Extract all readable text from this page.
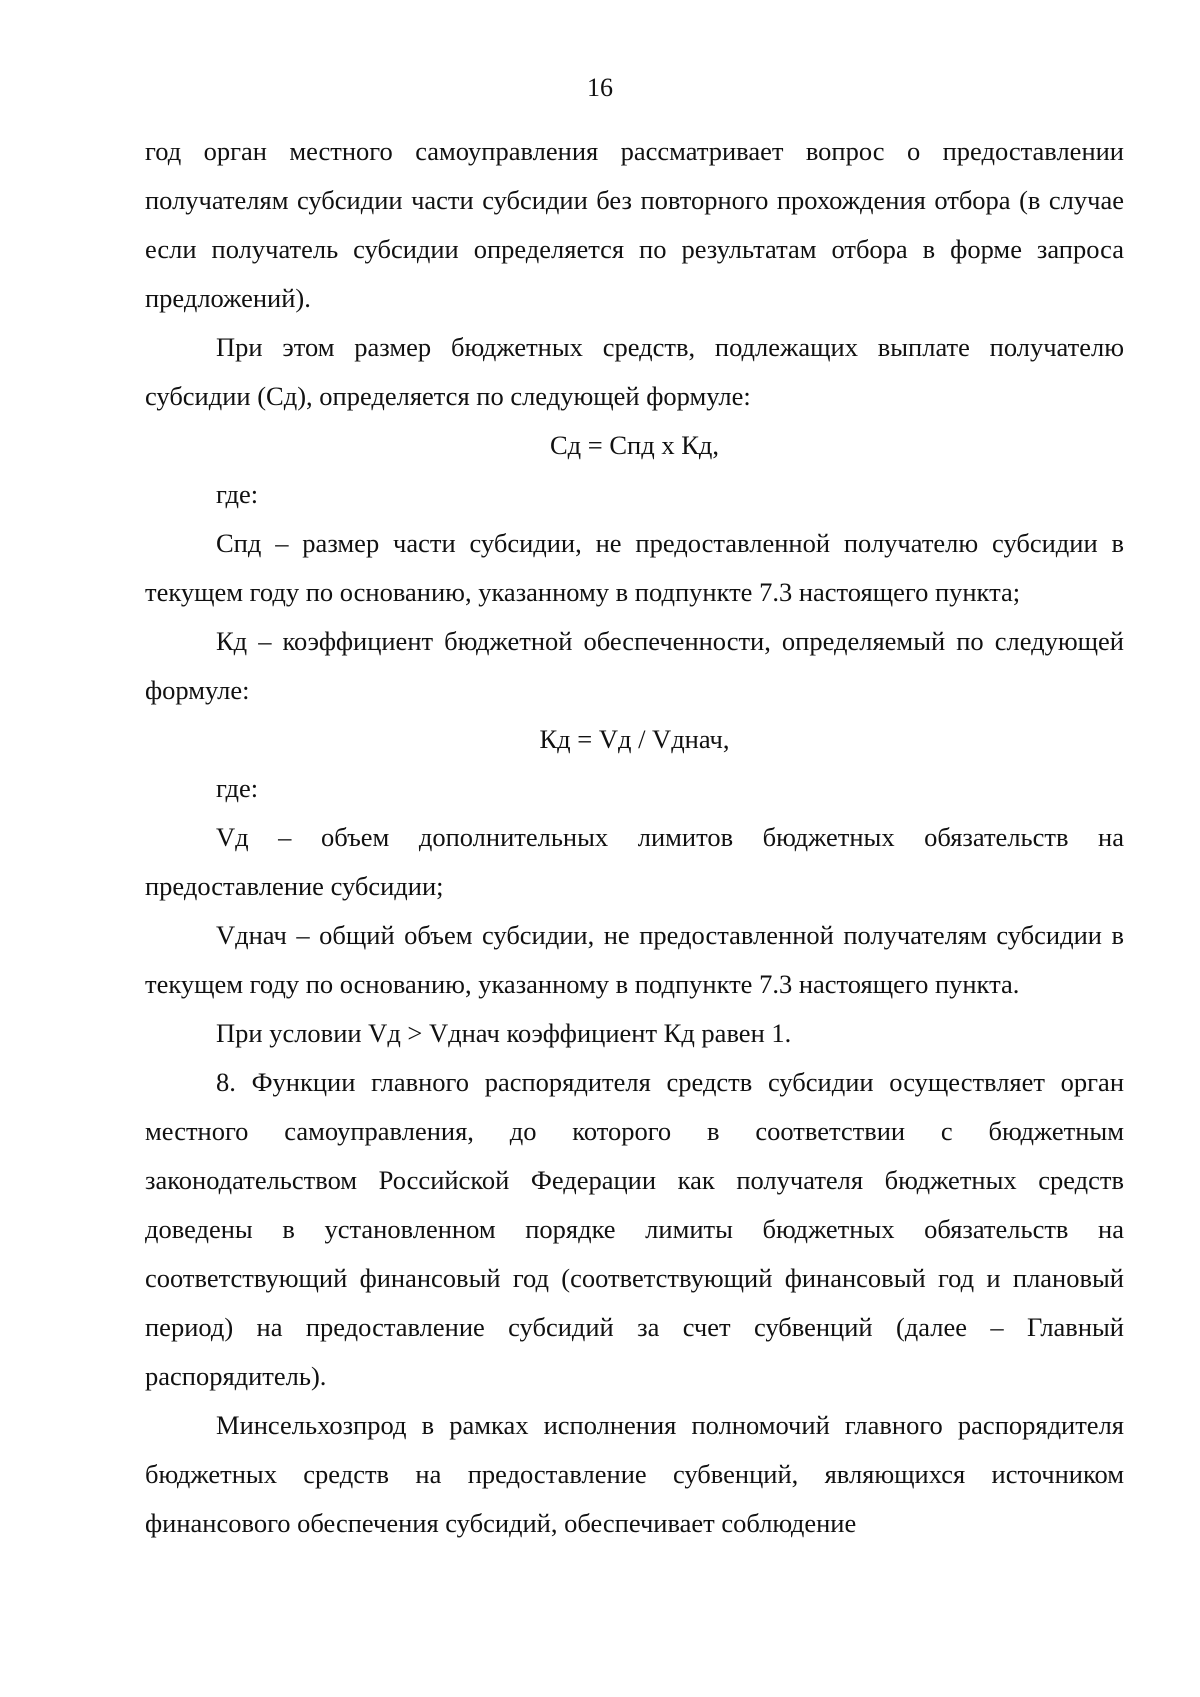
16

год орган местного самоуправления рассматривает вопрос о предоставлении получателям субсидии части субсидии без повторного прохождения отбора (в случае если получатель субсидии определяется по результатам отбора в форме запроса предложений).

При этом размер бюджетных средств, подлежащих выплате получателю субсидии (Сд), определяется по следующей формуле:

Сд = Спд x Кд,

где:

Спд – размер части субсидии, не предоставленной получателю субсидии в текущем году по основанию, указанному в подпункте 7.3 настоящего пункта;

Кд – коэффициент бюджетной обеспеченности, определяемый по следующей формуле:

Кд = Vд / Vднач,

где:

Vд – объем дополнительных лимитов бюджетных обязательств на предоставление субсидии;

Vднач – общий объем субсидии, не предоставленной получателям субсидии в текущем году по основанию, указанному в подпункте 7.3 настоящего пункта.

При условии Vд > Vднач коэффициент Кд равен 1.

8. Функции главного распорядителя средств субсидии осуществляет орган местного самоуправления, до которого в соответствии с бюджетным законодательством Российской Федерации как получателя бюджетных средств доведены в установленном порядке лимиты бюджетных обязательств на соответствующий финансовый год (соответствующий финансовый год и плановый период) на предоставление субсидий за счет субвенций (далее – Главный распорядитель).

Минсельхозпрод в рамках исполнения полномочий главного распорядителя бюджетных средств на предоставление субвенций, являющихся источником финансового обеспечения субсидий, обеспечивает соблюдение
